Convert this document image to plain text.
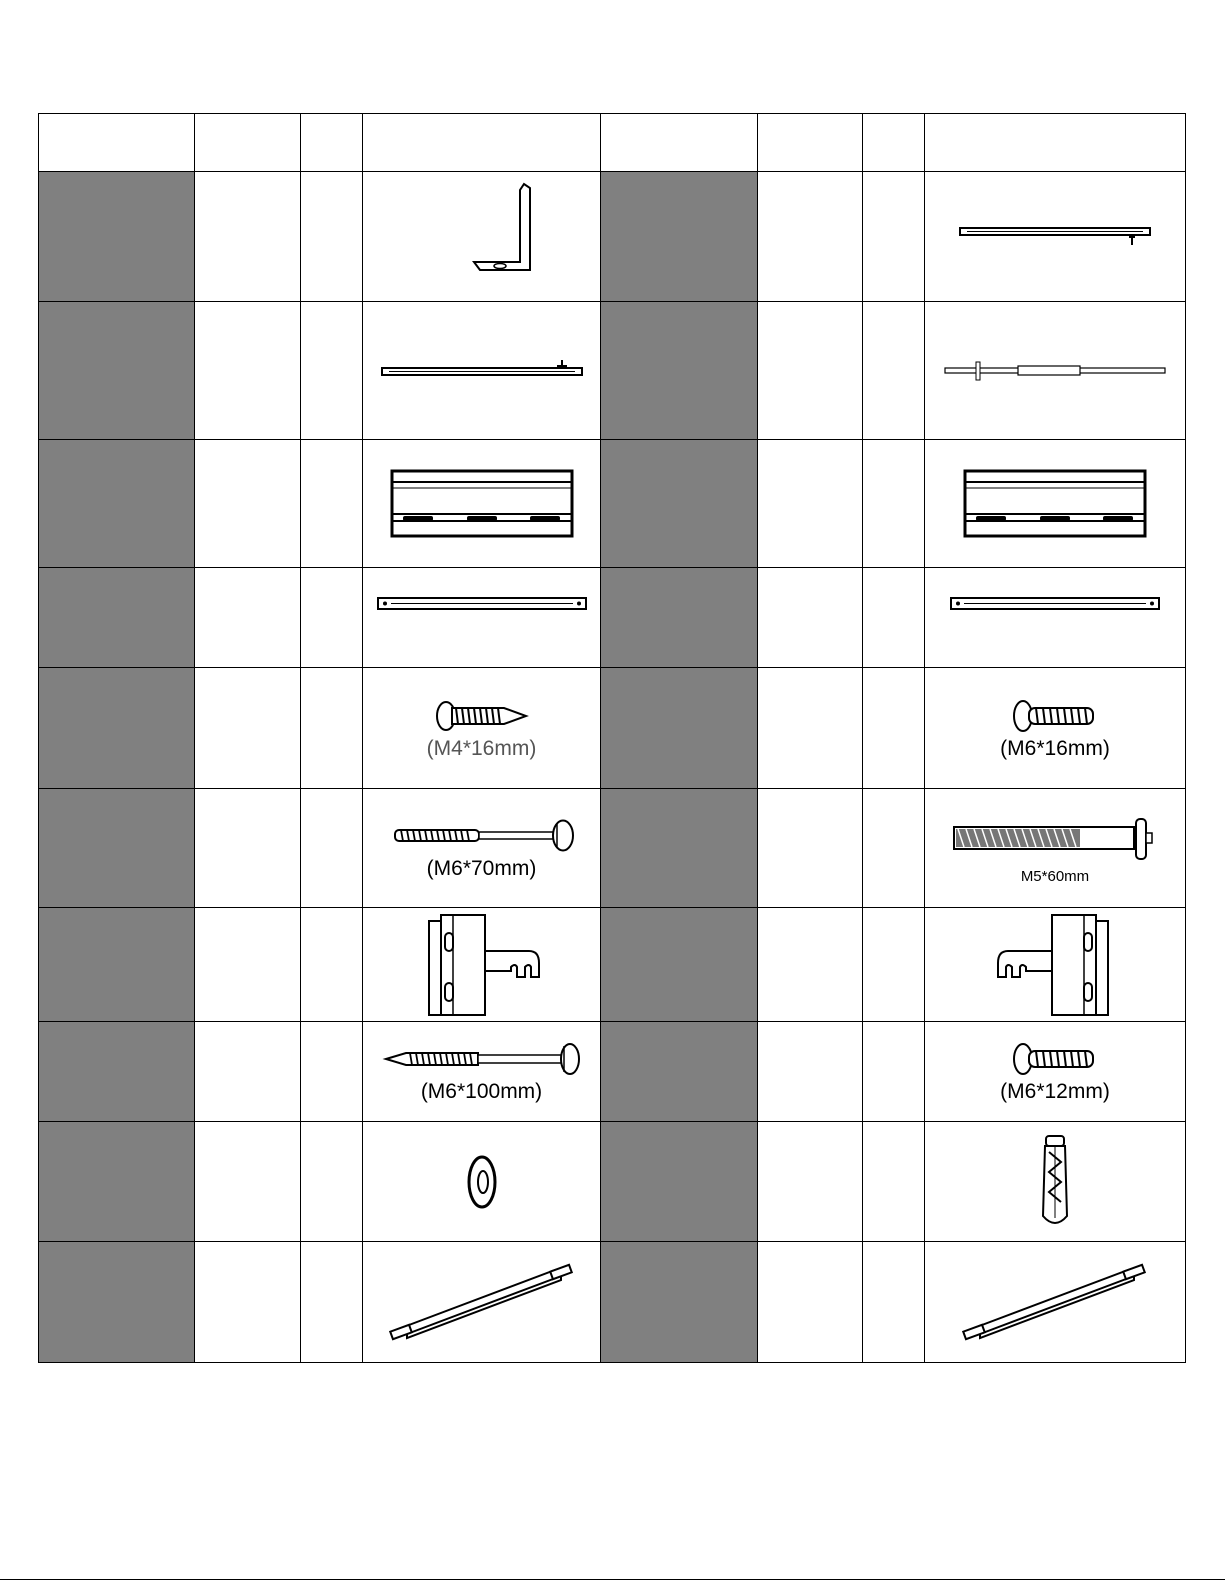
			(M4*16mm)				(M6*16mm)

			(M6*70mm)				M5*60mm

			(M6*100mm)				(M6*12mm)
